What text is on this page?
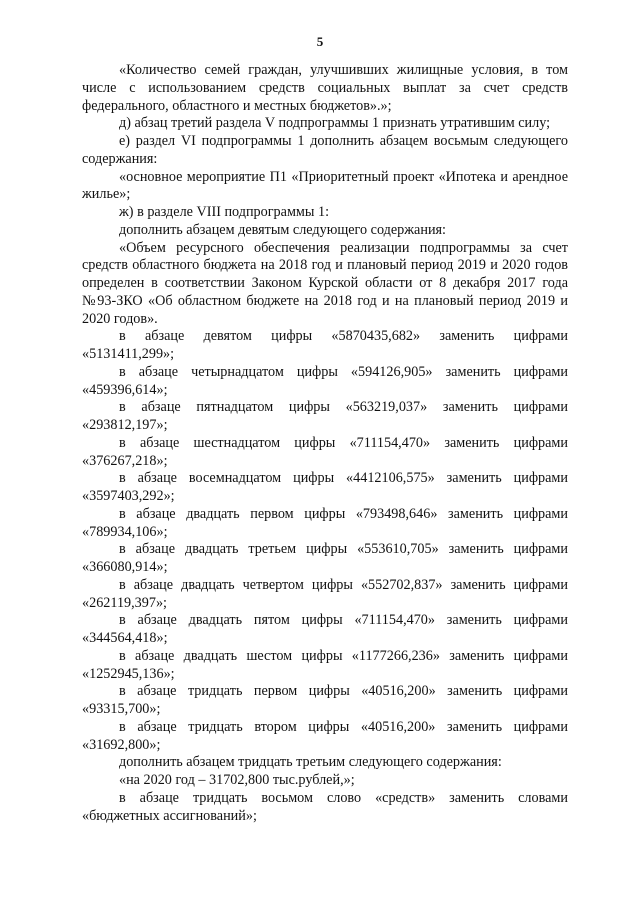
5

«Количество семей граждан, улучшивших жилищные условия, в том числе с использованием средств социальных выплат за счет средств федерального, областного и местных бюджетов».»;

д) абзац третий раздела V подпрограммы 1 признать утратившим силу;

е) раздел VI подпрограммы 1 дополнить абзацем восьмым следующего содержания:

«основное мероприятие П1 «Приоритетный проект «Ипотека и арендное жилье»;

ж) в разделе VIII подпрограммы 1:

дополнить абзацем девятым следующего содержания:

«Объем ресурсного обеспечения реализации подпрограммы за счет средств областного бюджета на 2018 год и плановый период 2019 и 2020 годов определен в соответствии Законом Курской области от 8 декабря 2017 года №93-ЗКО «Об областном бюджете на 2018 год и на плановый период 2019 и 2020 годов».

в абзаце девятом цифры «5870435,682» заменить цифрами «5131411,299»;

в абзаце четырнадцатом цифры «594126,905» заменить цифрами «459396,614»;

в абзаце пятнадцатом цифры «563219,037» заменить цифрами «293812,197»;

в абзаце шестнадцатом цифры «711154,470» заменить цифрами «376267,218»;

в абзаце восемнадцатом цифры «4412106,575» заменить цифрами «3597403,292»;

в абзаце двадцать первом цифры «793498,646» заменить цифрами «789934,106»;

в абзаце двадцать третьем цифры «553610,705» заменить цифрами «366080,914»;

в абзаце двадцать четвертом цифры «552702,837» заменить цифрами «262119,397»;

в абзаце двадцать пятом цифры «711154,470» заменить цифрами «344564,418»;

в абзаце двадцать шестом цифры «1177266,236» заменить цифрами «1252945,136»;

в абзаце тридцать первом цифры «40516,200» заменить цифрами «93315,700»;

в абзаце тридцать втором цифры «40516,200» заменить цифрами «31692,800»;

дополнить абзацем тридцать третьим следующего содержания:

«на 2020 год – 31702,800 тыс.рублей,»;

в абзаце тридцать восьмом слово «средств» заменить словами «бюджетных ассигнований»;
